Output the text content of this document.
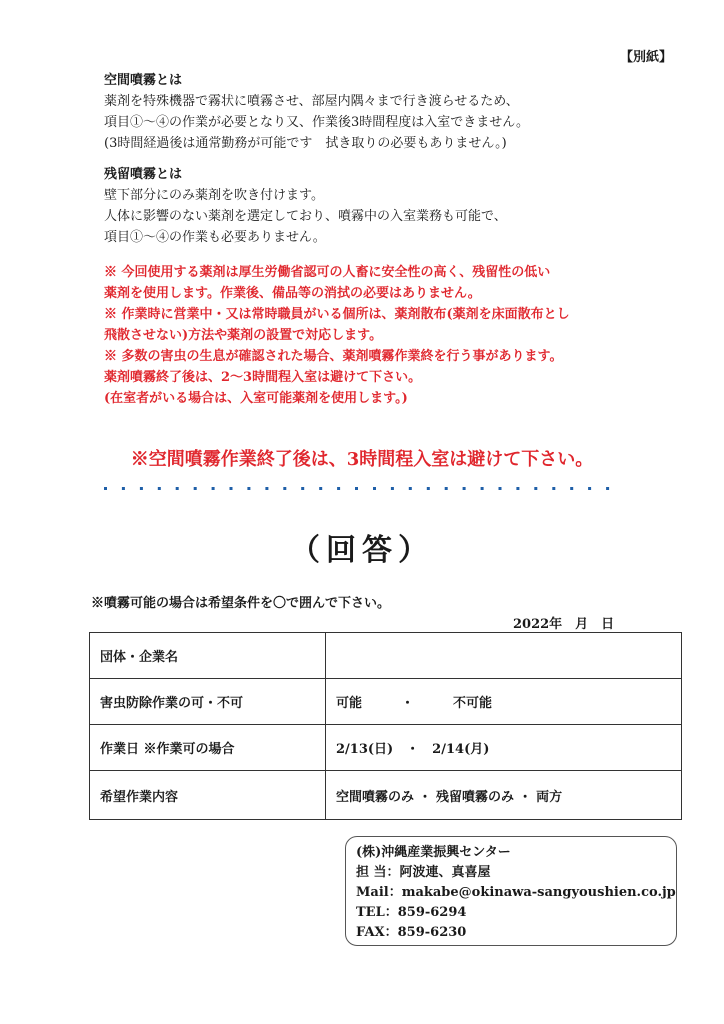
【別紙】
空間噴霧とは
薬剤を特殊機器で霧状に噴霧させ、部屋内隅々まで行き渡らせるため、
項目①～④の作業が必要となり又、作業後3時間程度は入室できません。
(3時間経過後は通常勤務が可能です　拭き取りの必要もありません。)
残留噴霧とは
壁下部分にのみ薬剤を吹き付けます。
人体に影響のない薬剤を選定しており、噴霧中の入室業務も可能で、
項目①～④の作業も必要ありません。
※ 今回使用する薬剤は厚生労働省認可の人畜に安全性の高く、残留性の低い
薬剤を使用します。作業後、備品等の消拭の必要はありません。
※ 作業時に営業中・又は常時職員がいる個所は、薬剤散布(薬剤を床面散布とし
飛散させない)方法や薬剤の設置で対応します。
※ 多数の害虫の生息が確認された場合、薬剤噴霧作業終を行う事があります。
薬剤噴霧終了後は、2～3時間程入室は避けて下さい。
(在室者がいる場合は、入室可能薬剤を使用します。)
※空間噴霧作業終了後は、3時間程入室は避けて下さい。
（回答）
※噴霧可能の場合は希望条件を〇で囲んで下さい。
2022年　月　日
団体・企業名	
害虫防除作業の可・不可	可能　　　・　　　不可能
作業日 ※作業可の場合	2/13(日)　・　2/14(月)
希望作業内容	空間噴霧のみ ・ 残留噴霧のみ ・ 両方
(株)沖縄産業振興センター
担 当：阿波連、真喜屋
Mail：makabe@okinawa-sangyoushien.co.jp
TEL：859-6294
FAX：859-6230
